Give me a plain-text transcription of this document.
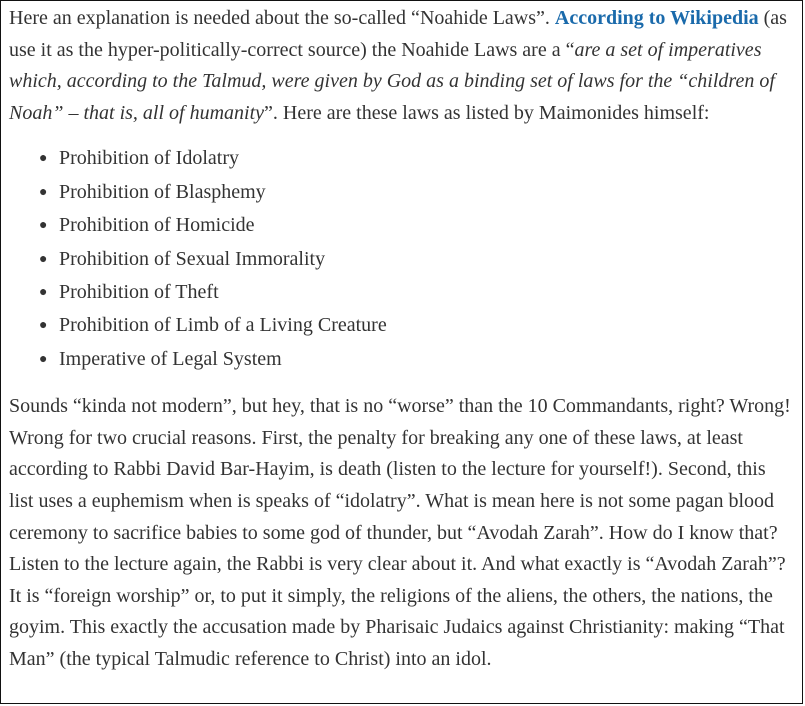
Here an explanation is needed about the so-called “Noahide Laws”. According to Wikipedia (as use it as the hyper-politically-correct source) the Noahide Laws are a “are a set of imperatives which, according to the Talmud, were given by God as a binding set of laws for the “children of Noah” – that is, all of humanity”. Here are these laws as listed by Maimonides himself:

● Prohibition of Idolatry
● Prohibition of Blasphemy
● Prohibition of Homicide
● Prohibition of Sexual Immorality
● Prohibition of Theft
● Prohibition of Limb of a Living Creature
● Imperative of Legal System

Sounds “kinda not modern”, but hey, that is no “worse” than the 10 Commandants, right? Wrong! Wrong for two crucial reasons. First, the penalty for breaking any one of these laws, at least according to Rabbi David Bar-Hayim, is death (listen to the lecture for yourself!). Second, this list uses a euphemism when is speaks of “idolatry”. What is mean here is not some pagan blood ceremony to sacrifice babies to some god of thunder, but “Avodah Zarah”. How do I know that? Listen to the lecture again, the Rabbi is very clear about it. And what exactly is “Avodah Zarah”? It is “foreign worship” or, to put it simply, the religions of the aliens, the others, the nations, the goyim. This exactly the accusation made by Pharisaic Judaics against Christianity: making “That Man” (the typical Talmudic reference to Christ) into an idol.
